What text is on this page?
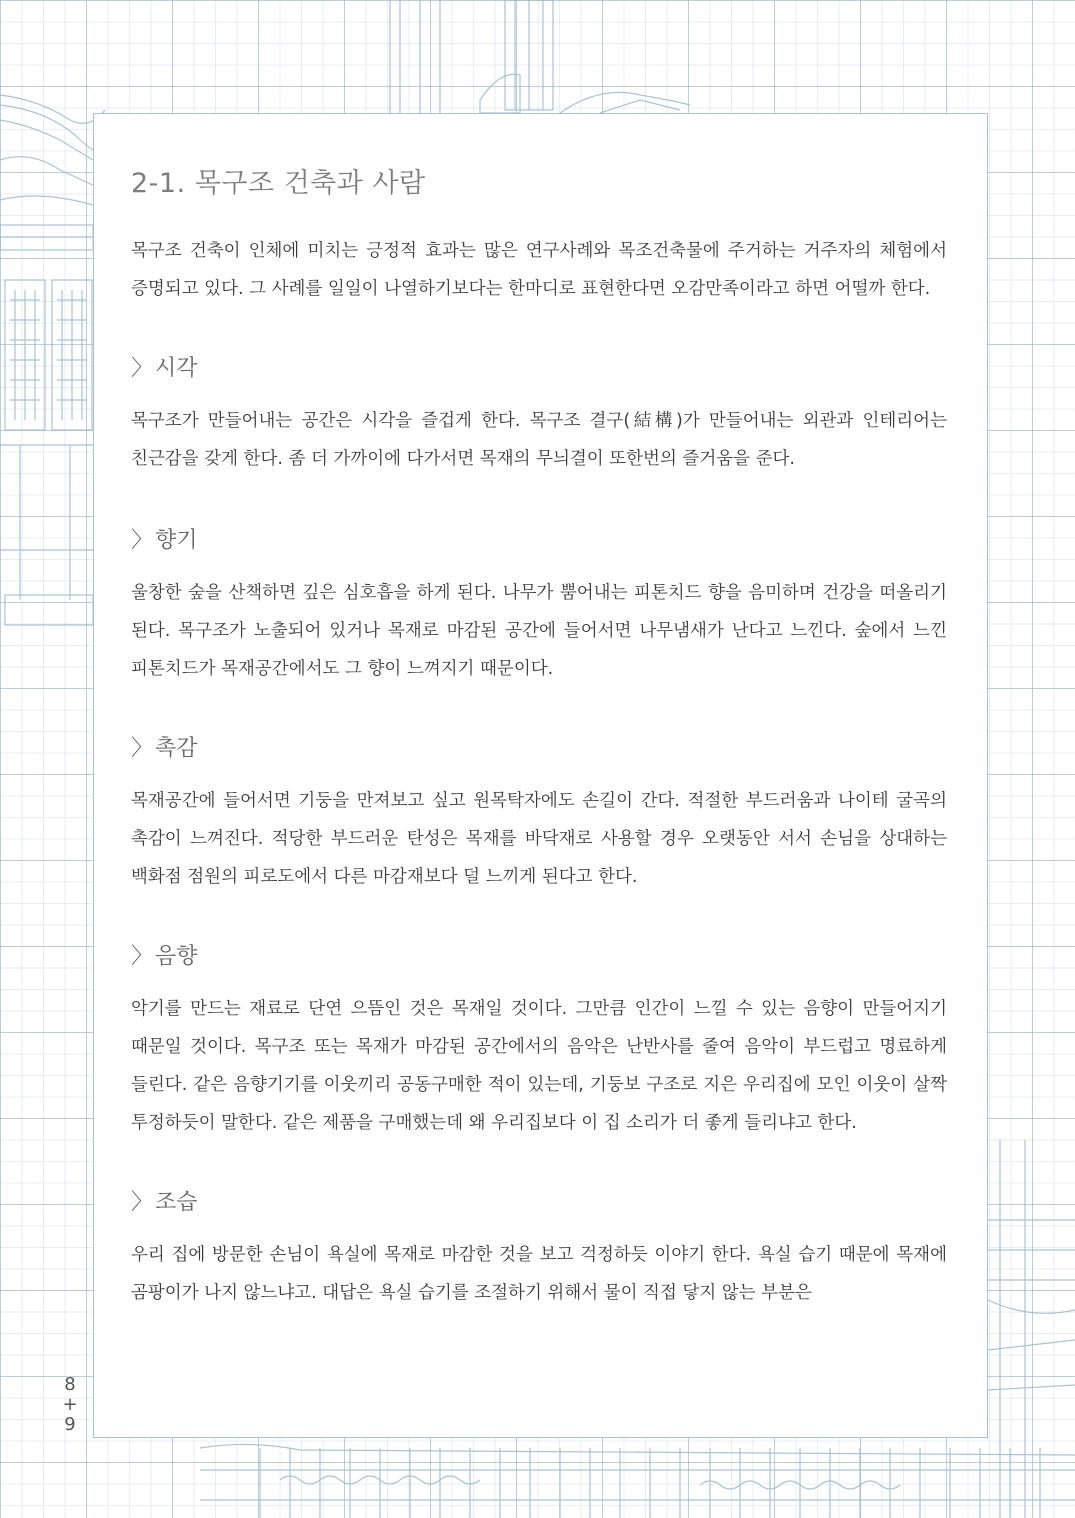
2-1. 목구조 건축과 사람

목구조 건축이 인체에 미치는 긍정적 효과는 많은 연구사례와 목조건축물에 주거하는 거주자의 체험에서 증명되고 있다. 그 사례를 일일이 나열하기보다는 한마디로 표현한다면 오감만족이라고 하면 어떨까 한다.

〉시각

목구조가 만들어내는 공간은 시각을 즐겁게 한다. 목구조 결구(結構)가 만들어내는 외관과 인테리어는 친근감을 갖게 한다. 좀 더 가까이에 다가서면 목재의 무늬결이 또한번의 즐거움을 준다.

〉향기

울창한 숲을 산책하면 깊은 심호흡을 하게 된다. 나무가 뿜어내는 피톤치드 향을 음미하며 건강을 떠올리기 된다. 목구조가 노출되어 있거나 목재로 마감된 공간에 들어서면 나무냄새가 난다고 느낀다. 숲에서 느낀 피톤치드가 목재공간에서도 그 향이 느껴지기 때문이다.

〉촉감

목재공간에 들어서면 기둥을 만져보고 싶고 원목탁자에도 손길이 간다. 적절한 부드러움과 나이테 굴곡의 촉감이 느껴진다. 적당한 부드러운 탄성은 목재를 바닥재로 사용할 경우 오랫동안 서서 손님을 상대하는 백화점 점원의 피로도에서 다른 마감재보다 덜 느끼게 된다고 한다.

〉음향

악기를 만드는 재료로 단연 으뜸인 것은 목재일 것이다. 그만큼 인간이 느낄 수 있는 음향이 만들어지기 때문일 것이다. 목구조 또는 목재가 마감된 공간에서의 음악은 난반사를 줄여 음악이 부드럽고 명료하게 들린다. 같은 음향기기를 이웃끼리 공동구매한 적이 있는데, 기둥보 구조로 지은 우리집에 모인 이웃이 살짝 투정하듯이 말한다. 같은 제품을 구매했는데 왜 우리집보다 이 집 소리가 더 좋게 들리냐고 한다.

〉조습

우리 집에 방문한 손님이 욕실에 목재로 마감한 것을 보고 걱정하듯 이야기 한다. 욕실 습기 때문에 목재에 곰팡이가 나지 않느냐고. 대답은 욕실 습기를 조절하기 위해서 물이 직접 닿지 않는 부분은

8
+
9
